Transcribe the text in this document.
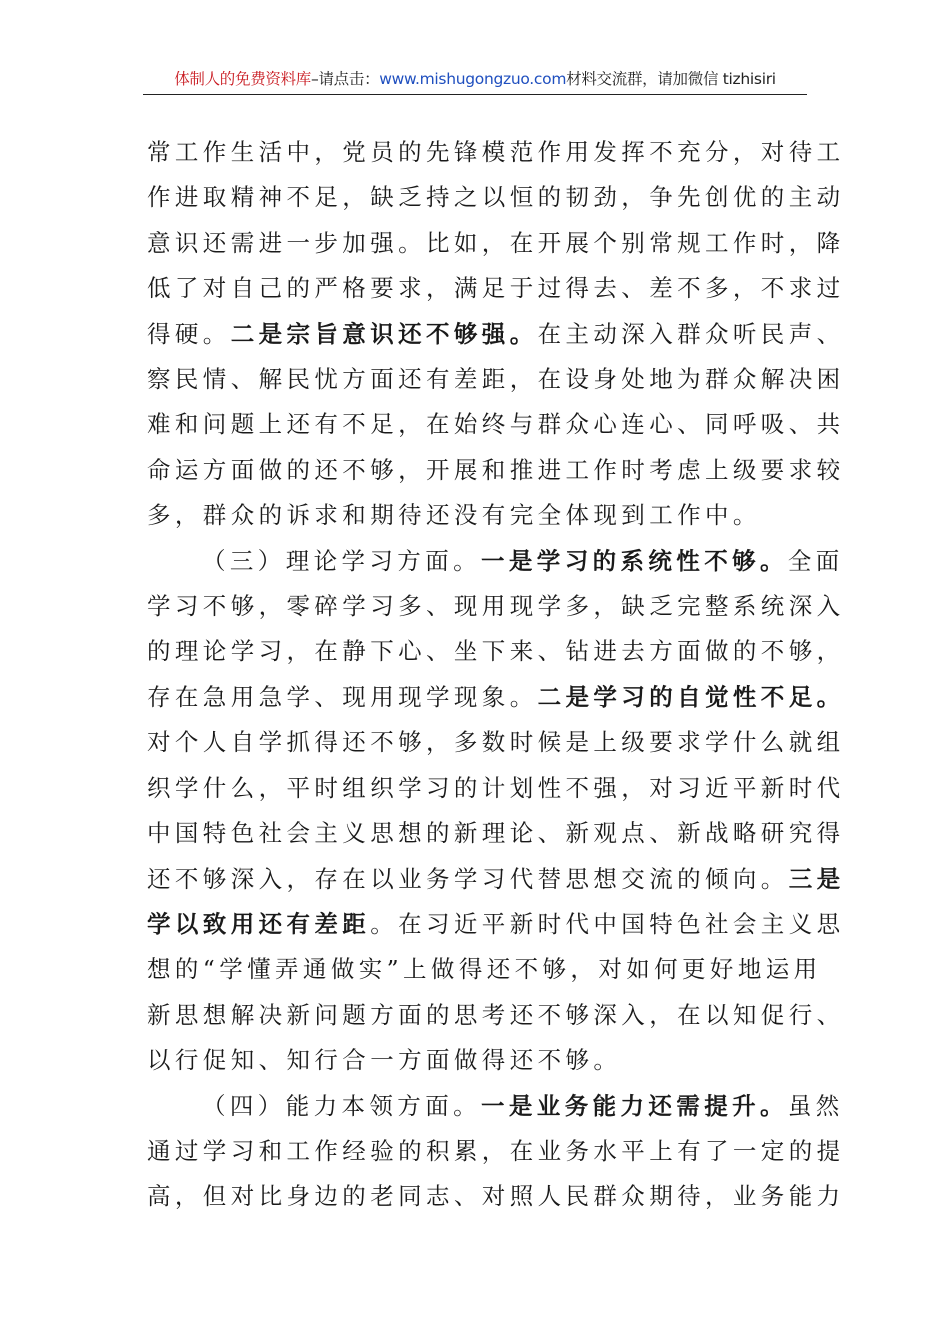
体制人的免费资料库–请点击：www.mishugongzuo.com材料交流群，请加微信 tizhisiri
常工作生活中，党员的先锋模范作用发挥不充分，对待工
作进取精神不足，缺乏持之以恒的韧劲，争先创优的主动
意识还需进一步加强。比如，在开展个别常规工作时，降
低了对自己的严格要求，满足于过得去、差不多，不求过
得硬。二是宗旨意识还不够强。在主动深入群众听民声、
察民情、解民忧方面还有差距，在设身处地为群众解决困
难和问题上还有不足，在始终与群众心连心、同呼吸、共
命运方面做的还不够，开展和推进工作时考虑上级要求较
多，群众的诉求和期待还没有完全体现到工作中。
（三）理论学习方面。一是学习的系统性不够。全面
学习不够，零碎学习多、现用现学多，缺乏完整系统深入
的理论学习，在静下心、坐下来、钻进去方面做的不够，
存在急用急学、现用现学现象。二是学习的自觉性不足。
对个人自学抓得还不够，多数时候是上级要求学什么就组
织学什么，平时组织学习的计划性不强，对习近平新时代
中国特色社会主义思想的新理论、新观点、新战略研究得
还不够深入，存在以业务学习代替思想交流的倾向。三是
学以致用还有差距。在习近平新时代中国特色社会主义思
想的“学懂弄通做实”上做得还不够，对如何更好地运用
新思想解决新问题方面的思考还不够深入，在以知促行、
以行促知、知行合一方面做得还不够。
（四）能力本领方面。一是业务能力还需提升。虽然
通过学习和工作经验的积累，在业务水平上有了一定的提
高，但对比身边的老同志、对照人民群众期待，业务能力
